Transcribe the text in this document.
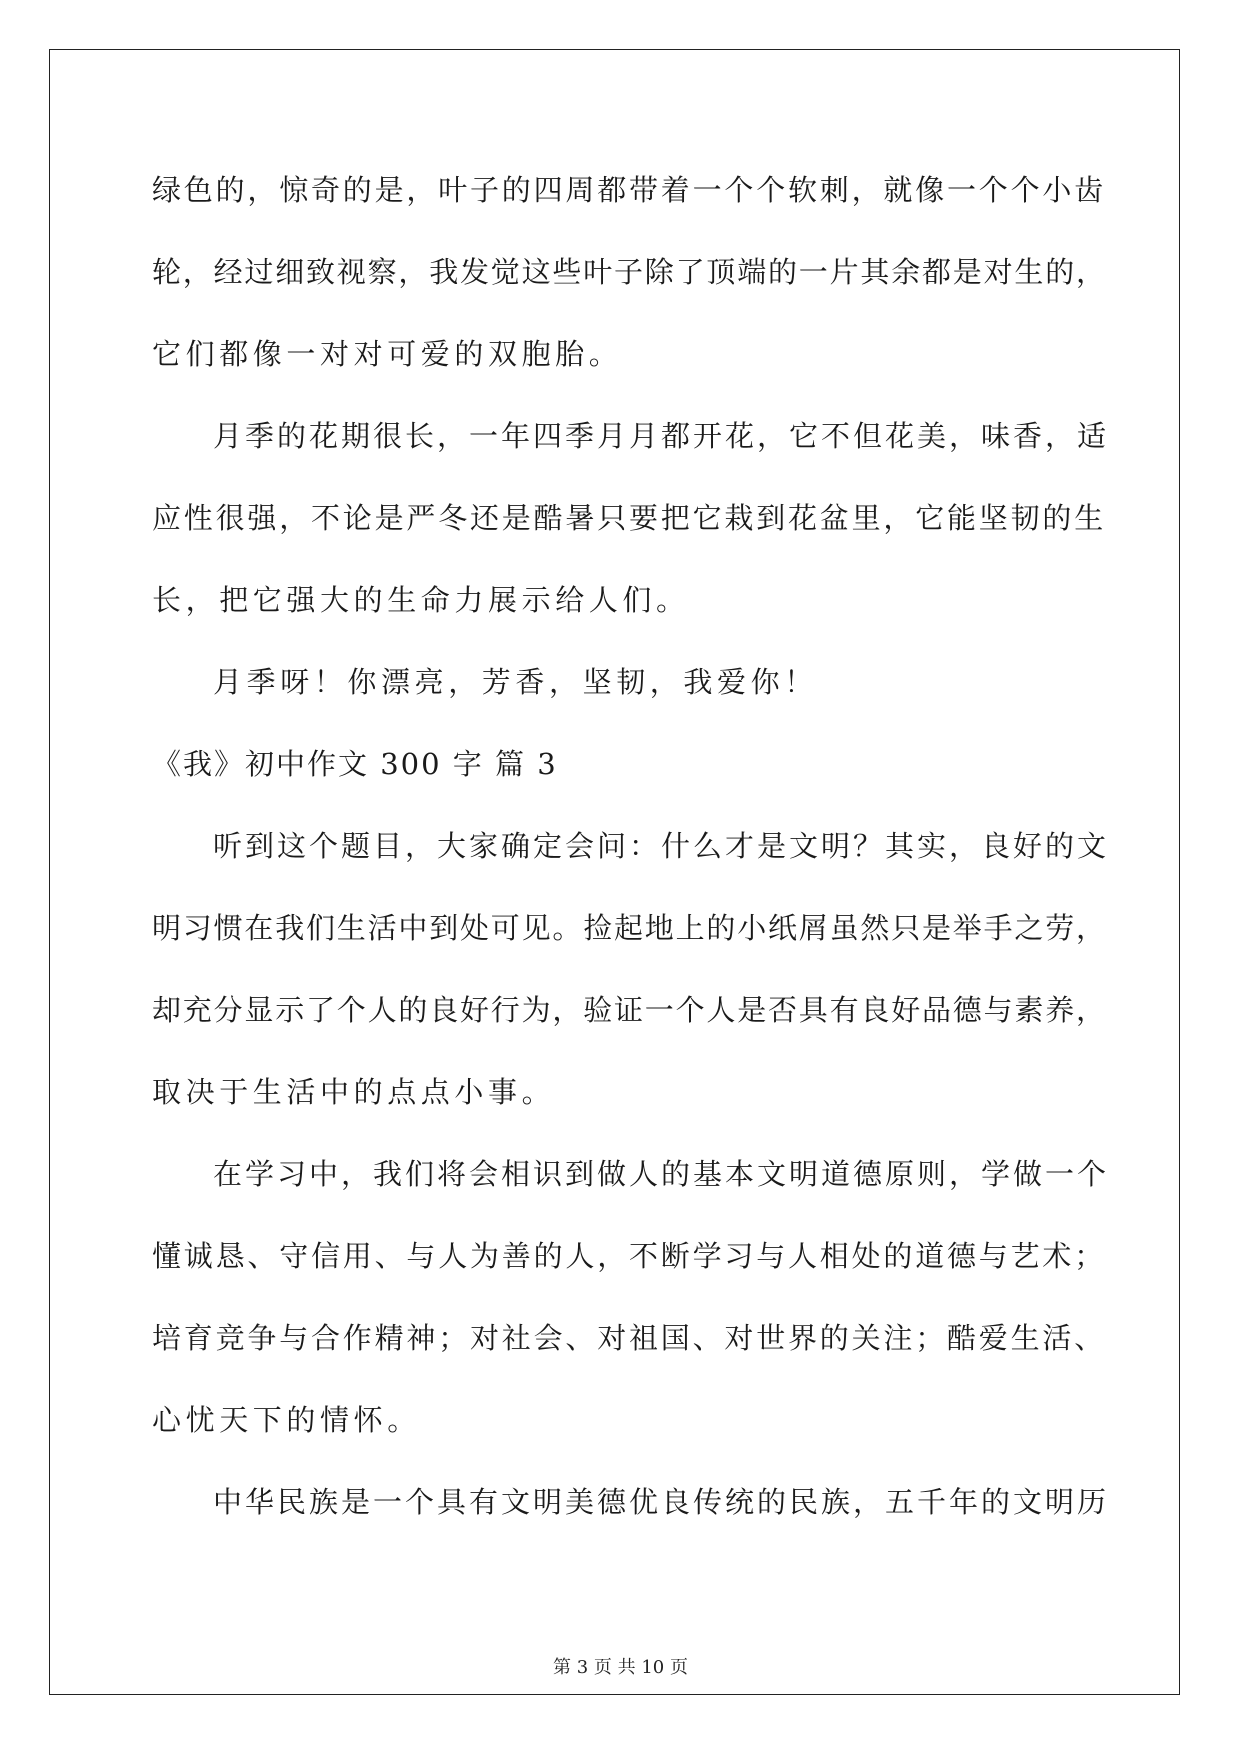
绿色的，惊奇的是，叶子的四周都带着一个个软刺，就像一个个小齿

轮，经过细致视察，我发觉这些叶子除了顶端的一片其余都是对生的，

它们都像一对对可爱的双胞胎。

月季的花期很长，一年四季月月都开花，它不但花美，味香，适

应性很强，不论是严冬还是酷暑只要把它栽到花盆里，它能坚韧的生

长，把它强大的生命力展示给人们。

月季呀！你漂亮，芳香，坚韧，我爱你！

《我》初中作文 300 字 篇 3

听到这个题目，大家确定会问：什么才是文明？其实，良好的文

明习惯在我们生活中到处可见。捡起地上的小纸屑虽然只是举手之劳，

却充分显示了个人的良好行为，验证一个人是否具有良好品德与素养，

取决于生活中的点点小事。

在学习中，我们将会相识到做人的基本文明道德原则，学做一个

懂诚恳、守信用、与人为善的人，不断学习与人相处的道德与艺术；

培育竞争与合作精神；对社会、对祖国、对世界的关注；酷爱生活、

心忧天下的情怀。

中华民族是一个具有文明美德优良传统的民族，五千年的文明历

第 3 页 共 10 页
